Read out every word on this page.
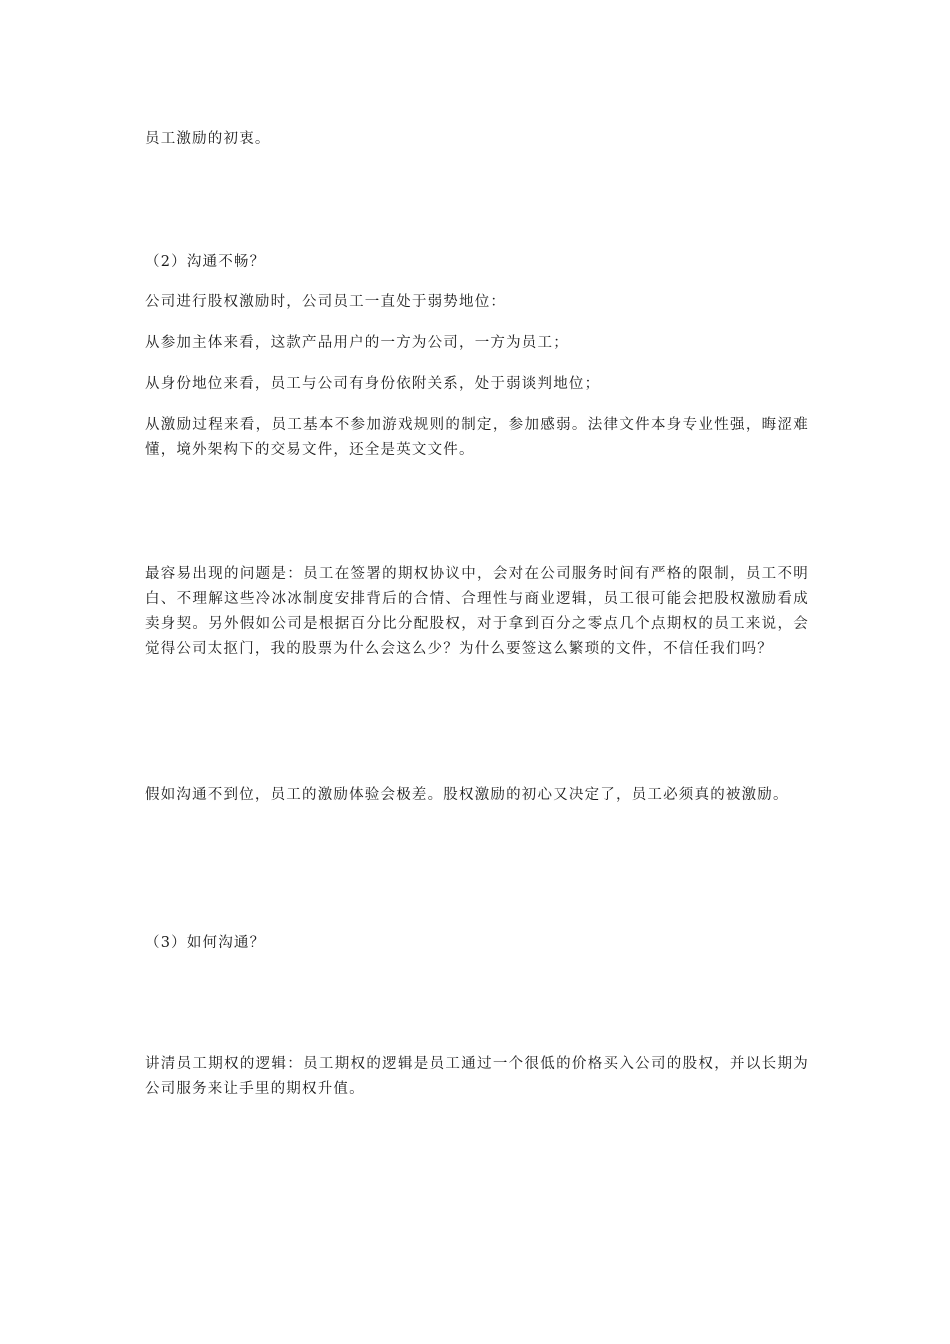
员工激励的初衷。

（2）沟通不畅？

公司进行股权激励时，公司员工一直处于弱势地位：

从参加主体来看，这款产品用户的一方为公司，一方为员工；

从身份地位来看，员工与公司有身份依附关系，处于弱谈判地位；

从激励过程来看，员工基本不参加游戏规则的制定，参加感弱。法律文件本身专业性强，晦涩难懂，境外架构下的交易文件，还全是英文文件。

最容易出现的问题是：员工在签署的期权协议中，会对在公司服务时间有严格的限制，员工不明白、不理解这些冷冰冰制度安排背后的合情、合理性与商业逻辑，员工很可能会把股权激励看成卖身契。另外假如公司是根据百分比分配股权，对于拿到百分之零点几个点期权的员工来说，会觉得公司太抠门，我的股票为什么会这么少？为什么要签这么繁琐的文件，不信任我们吗？

假如沟通不到位，员工的激励体验会极差。股权激励的初心又决定了，员工必须真的被激励。

（3）如何沟通？

讲清员工期权的逻辑：员工期权的逻辑是员工通过一个很低的价格买入公司的股权，并以长期为公司服务来让手里的期权升值。
